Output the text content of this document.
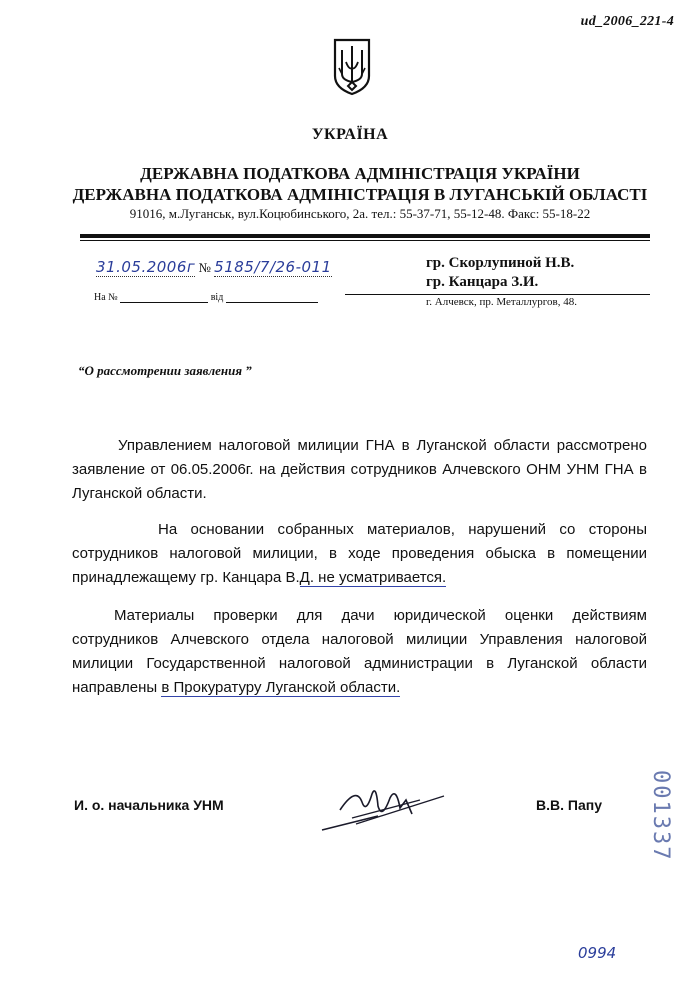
ud_2006_221-4
УКРАЇНА
ДЕРЖАВНА ПОДАТКОВА АДМІНІСТРАЦІЯ УКРАЇНИ
ДЕРЖАВНА ПОДАТКОВА АДМІНІСТРАЦІЯ В ЛУГАНСЬКІЙ ОБЛАСТІ
91016, м.Луганськ, вул.Коцюбинського, 2а. тел.: 55-37-71, 55-12-48. Факс: 55-18-22
31.05.2006г № 5185/7/26-011
На №	від
гр. Скорлупиной Н.В.
гр. Канцара З.И.
г. Алчевск, пр. Металлургов, 48.
“О рассмотрении заявления ”
Управлением налоговой милиции ГНА в Луганской области рассмотрено заявление от 06.05.2006г. на действия сотрудников Алчевского ОНМ УНМ ГНА в Луганской области.
На основании собранных материалов, нарушений со стороны сотрудников налоговой милиции, в ходе проведения обыска в помещении принадлежащему гр. Канцара В.Д. не усматривается.
Материалы проверки для дачи юридической оценки действиям сотрудников Алчевского отдела налоговой милиции Управления налоговой милиции Государственной налоговой администрации в Луганской области направлены в Прокуратуру Луганской области.
И. о. начальника УНМ	В.В. Папу 001337
0994
